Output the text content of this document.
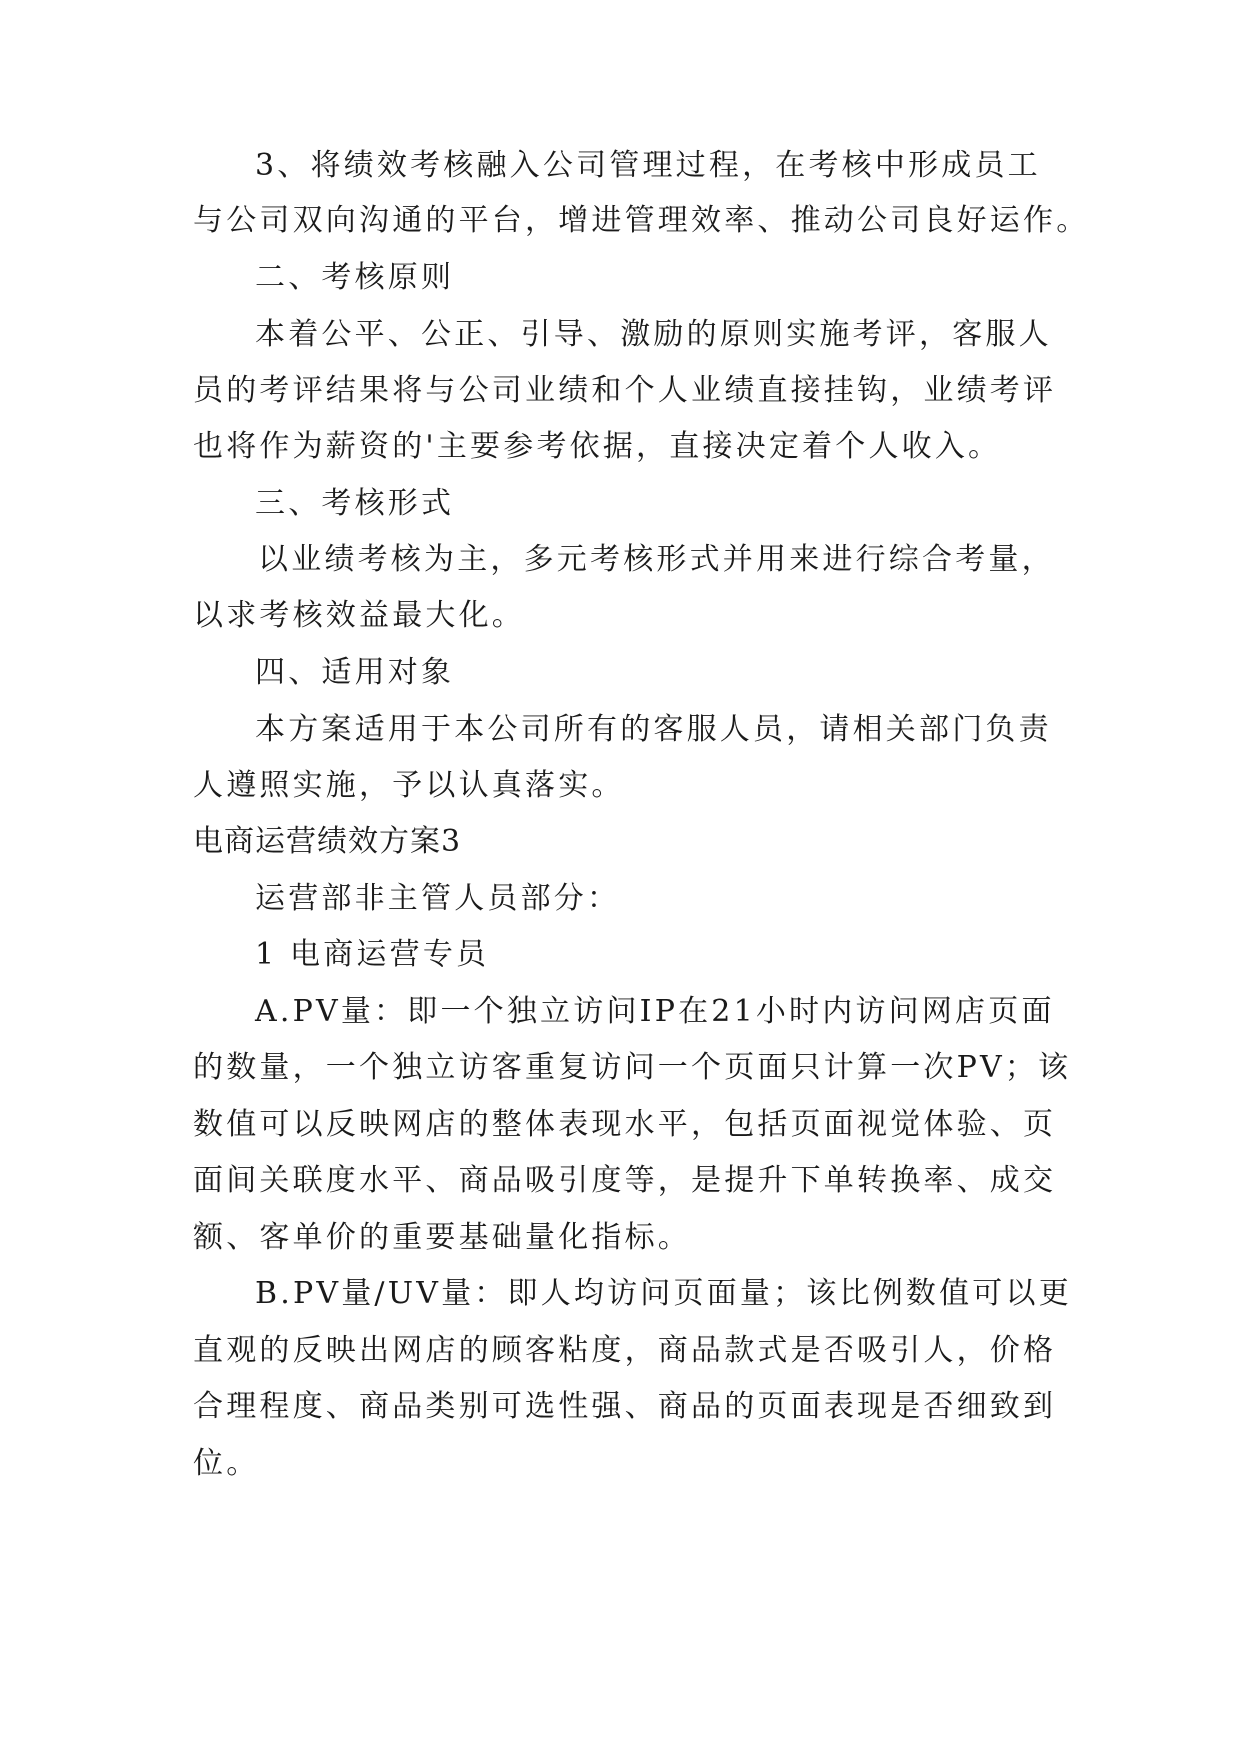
3、将绩效考核融入公司管理过程，在考核中形成员工
与公司双向沟通的平台，增进管理效率、推动公司良好运作。
二、考核原则
本着公平、公正、引导、激励的原则实施考评，客服人
员的考评结果将与公司业绩和个人业绩直接挂钩，业绩考评
也将作为薪资的'主要参考依据，直接决定着个人收入。
三、考核形式
以业绩考核为主，多元考核形式并用来进行综合考量，
以求考核效益最大化。
四、适用对象
本方案适用于本公司所有的客服人员，请相关部门负责
人遵照实施，予以认真落实。
电商运营绩效方案3
运营部非主管人员部分：
1 电商运营专员
A.PV量：即一个独立访问IP在21小时内访问网店页面
的数量，一个独立访客重复访问一个页面只计算一次PV；该
数值可以反映网店的整体表现水平，包括页面视觉体验、页
面间关联度水平、商品吸引度等，是提升下单转换率、成交
额、客单价的重要基础量化指标。
B.PV量/UV量：即人均访问页面量；该比例数值可以更
直观的反映出网店的顾客粘度，商品款式是否吸引人，价格
合理程度、商品类别可选性强、商品的页面表现是否细致到
位。
